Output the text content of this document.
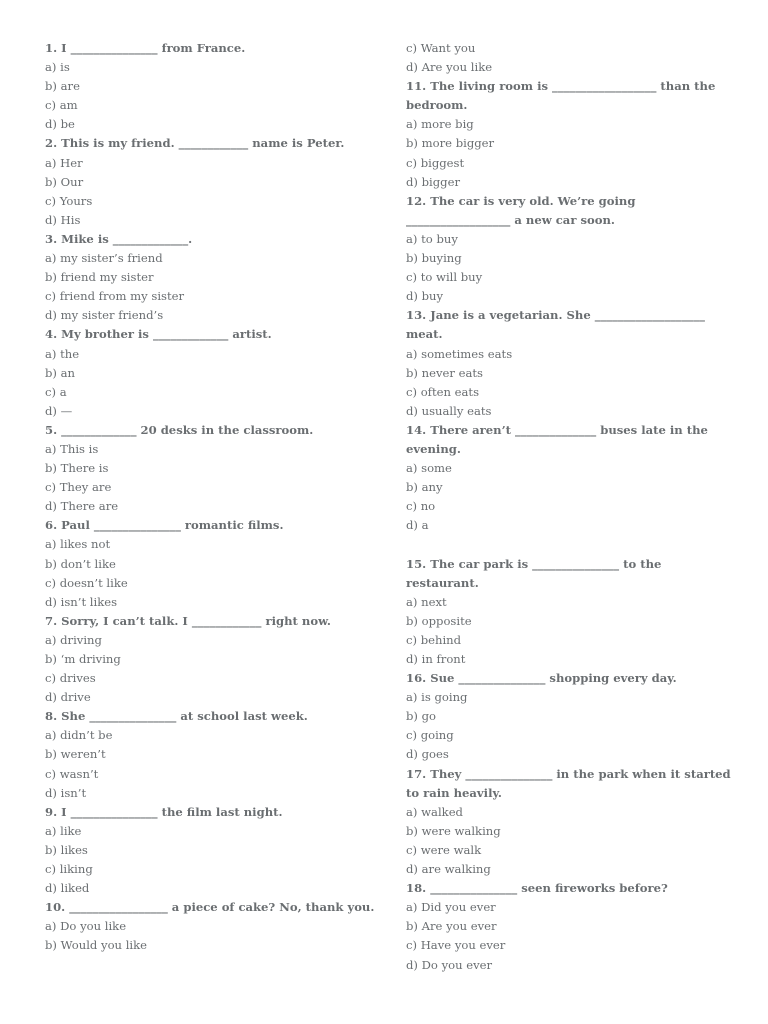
1. I _______________ from France.
a) is
b) are
c) am
d) be
2. This is my friend. ____________ name is Peter.
a) Her
b) Our
c) Yours
d) His
3. Mike is _____________.
a) my sister’s friend
b) friend my sister
c) friend from my sister
d) my sister friend’s
4. My brother is _____________ artist.
a) the
b) an
c) a
d) —
5. _____________ 20 desks in the classroom.
a) This is
b) There is
c) They are
d) There are
6. Paul _______________ romantic films.
a) likes not
b) don’t like
c) doesn’t like
d) isn’t likes
7. Sorry, I can’t talk. I ____________ right now.
a) driving
b) ‘m driving
c) drives
d) drive
8. She _______________ at school last week.
a) didn’t be
b) weren’t
c) wasn’t
d) isn’t
9. I _______________ the film last night.
a) like
b) likes
c) liking
d) liked
10. _________________ a piece of cake? No, thank you.
a) Do you like
b) Would you like
c) Want you
d) Are you like
11. The living room is __________________ than the bedroom.
a) more big
b) more bigger
c) biggest
d) bigger
12. The car is very old. We’re going __________________ a new car soon.
a) to buy
b) buying
c) to will buy
d) buy
13. Jane is a vegetarian. She ___________________ meat.
a) sometimes eats
b) never eats
c) often eats
d) usually eats
14. There aren’t ______________ buses late in the evening.
a) some
b) any
c) no
d) a
15. The car park is _______________ to the restaurant.
a) next
b) opposite
c) behind
d) in front
16. Sue _______________ shopping every day.
a) is going
b) go
c) going
d) goes
17. They _______________ in the park when it started to rain heavily.
a) walked
b) were walking
c) were walk
d) are walking
18. _______________ seen fireworks before?
a) Did you ever
b) Are you ever
c) Have you ever
d) Do you ever
